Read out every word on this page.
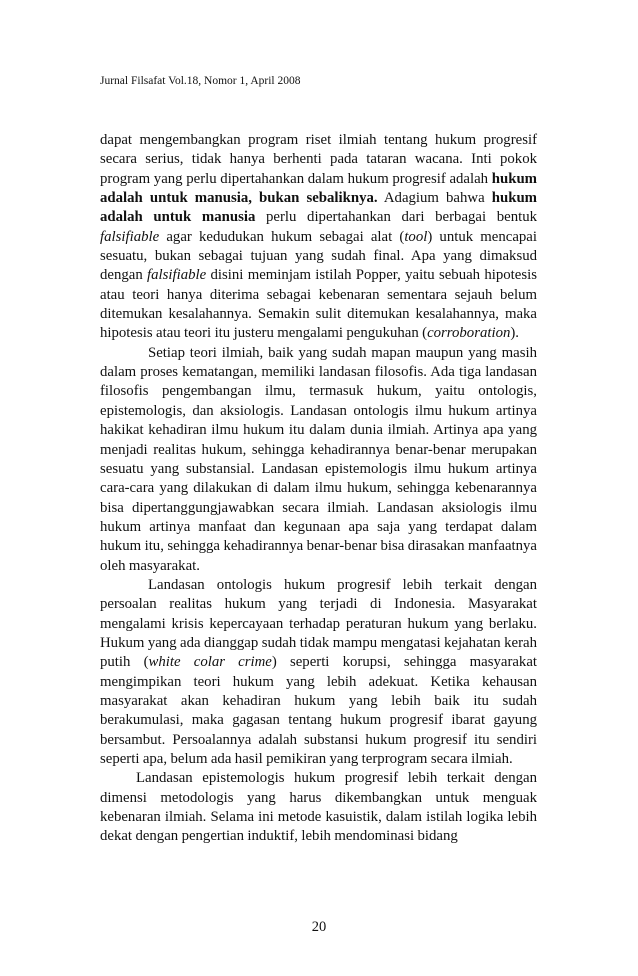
Jurnal Filsafat Vol.18, Nomor 1, April 2008

dapat mengembangkan program riset ilmiah tentang hukum progresif secara serius, tidak hanya berhenti pada tataran wacana. Inti pokok program yang perlu dipertahankan dalam hukum progresif adalah hukum adalah untuk manusia, bukan sebaliknya. Adagium bahwa hukum adalah untuk manusia perlu dipertahankan dari berbagai bentuk falsifiable agar kedudukan hukum sebagai alat (tool) untuk mencapai sesuatu, bukan sebagai tujuan yang sudah final. Apa yang dimaksud dengan falsifiable disini meminjam istilah Popper, yaitu sebuah hipotesis atau teori hanya diterima sebagai kebenaran sementara sejauh belum ditemukan kesalahannya. Semakin sulit ditemukan kesalahannya, maka hipotesis atau teori itu justeru mengalami pengukuhan (corroboration).

Setiap teori ilmiah, baik yang sudah mapan maupun yang masih dalam proses kematangan, memiliki landasan filosofis. Ada tiga landasan filosofis pengembangan ilmu, termasuk hukum, yaitu ontologis, epistemologis, dan aksiologis. Landasan ontologis ilmu hukum artinya hakikat kehadiran ilmu hukum itu dalam dunia ilmiah. Artinya apa yang menjadi realitas hukum, sehingga kehadirannya benar-benar merupakan sesuatu yang substansial. Landasan epistemologis ilmu hukum artinya cara-cara yang dilakukan di dalam ilmu hukum, sehingga kebenarannya bisa dipertanggungjawabkan secara ilmiah. Landasan aksiologis ilmu hukum artinya manfaat dan kegunaan apa saja yang terdapat dalam hukum itu, sehingga kehadirannya benar-benar bisa dirasakan manfaatnya oleh masyarakat.

Landasan ontologis hukum progresif lebih terkait dengan persoalan realitas hukum yang terjadi di Indonesia. Masyarakat mengalami krisis kepercayaan terhadap peraturan hukum yang berlaku. Hukum yang ada dianggap sudah tidak mampu mengatasi kejahatan kerah putih (white colar crime) seperti korupsi, sehingga masyarakat mengimpikan teori hukum yang lebih adekuat. Ketika kehausan masyarakat akan kehadiran hukum yang lebih baik itu sudah berakumulasi, maka gagasan tentang hukum progresif ibarat gayung bersambut. Persoalannya adalah substansi hukum progresif itu sendiri seperti apa, belum ada hasil pemikiran yang terprogram secara ilmiah.

Landasan epistemologis hukum progresif lebih terkait dengan dimensi metodologis yang harus dikembangkan untuk menguak kebenaran ilmiah. Selama ini metode kasuistik, dalam istilah logika lebih dekat dengan pengertian induktif, lebih mendominasi bidang

20
